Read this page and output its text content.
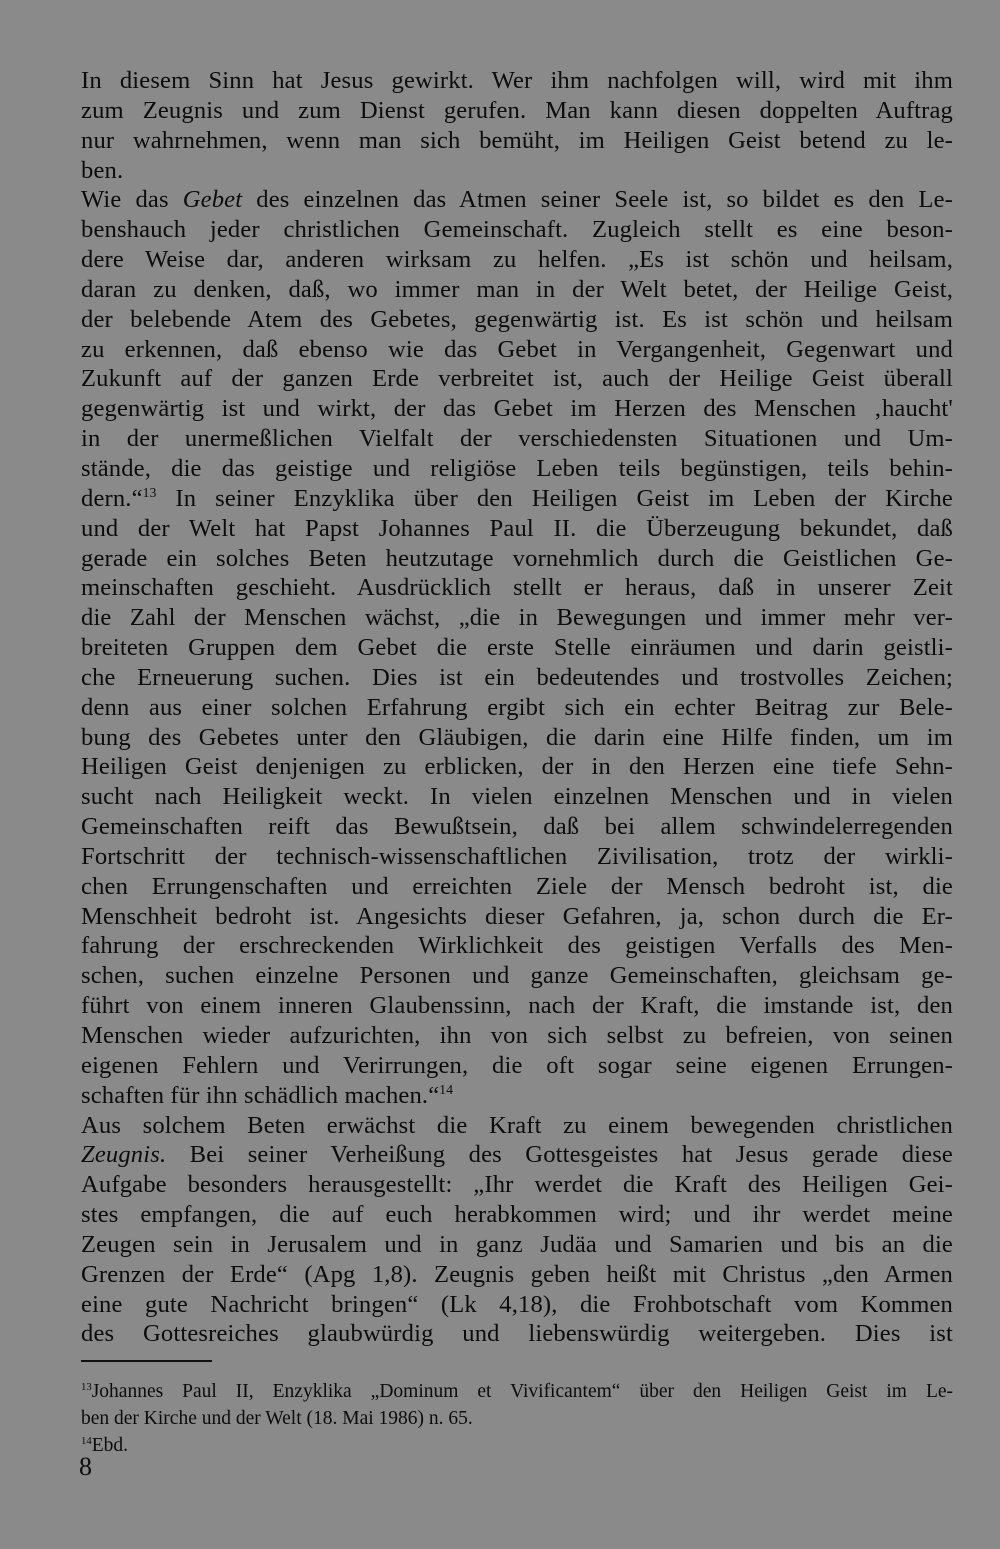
In diesem Sinn hat Jesus gewirkt. Wer ihm nachfolgen will, wird mit ihm
zum Zeugnis und zum Dienst gerufen. Man kann diesen doppelten Auftrag
nur wahrnehmen, wenn man sich bemüht, im Heiligen Geist betend zu le-
ben.
Wie das Gebet des einzelnen das Atmen seiner Seele ist, so bildet es den Le-
benshauch jeder christlichen Gemeinschaft. Zugleich stellt es eine beson-
dere Weise dar, anderen wirksam zu helfen. „Es ist schön und heilsam,
daran zu denken, daß, wo immer man in der Welt betet, der Heilige Geist,
der belebende Atem des Gebetes, gegenwärtig ist. Es ist schön und heilsam
zu erkennen, daß ebenso wie das Gebet in Vergangenheit, Gegenwart und
Zukunft auf der ganzen Erde verbreitet ist, auch der Heilige Geist überall
gegenwärtig ist und wirkt, der das Gebet im Herzen des Menschen ‚haucht'
in der unermeßlichen Vielfalt der verschiedensten Situationen und Um-
stände, die das geistige und religiöse Leben teils begünstigen, teils behin-
dern.“$^{13}$ In seiner Enzyklika über den Heiligen Geist im Leben der Kirche
und der Welt hat Papst Johannes Paul II. die Überzeugung bekundet, daß
gerade ein solches Beten heutzutage vornehmlich durch die Geistlichen Ge-
meinschaften geschieht. Ausdrücklich stellt er heraus, daß in unserer Zeit
die Zahl der Menschen wächst, „die in Bewegungen und immer mehr ver-
breiteten Gruppen dem Gebet die erste Stelle einräumen und darin geistli-
che Erneuerung suchen. Dies ist ein bedeutendes und trostvolles Zeichen;
denn aus einer solchen Erfahrung ergibt sich ein echter Beitrag zur Bele-
bung des Gebetes unter den Gläubigen, die darin eine Hilfe finden, um im
Heiligen Geist denjenigen zu erblicken, der in den Herzen eine tiefe Sehn-
sucht nach Heiligkeit weckt. In vielen einzelnen Menschen und in vielen
Gemeinschaften reift das Bewußtsein, daß bei allem schwindelerregenden
Fortschritt der technisch-wissenschaftlichen Zivilisation, trotz der wirkli-
chen Errungenschaften und erreichten Ziele der Mensch bedroht ist, die
Menschheit bedroht ist. Angesichts dieser Gefahren, ja, schon durch die Er-
fahrung der erschreckenden Wirklichkeit des geistigen Verfalls des Men-
schen, suchen einzelne Personen und ganze Gemeinschaften, gleichsam ge-
führt von einem inneren Glaubenssinn, nach der Kraft, die imstande ist, den
Menschen wieder aufzurichten, ihn von sich selbst zu befreien, von seinen
eigenen Fehlern und Verirrungen, die oft sogar seine eigenen Errungen-
schaften für ihn schädlich machen.“$^{14}$
Aus solchem Beten erwächst die Kraft zu einem bewegenden christlichen
Zeugnis. Bei seiner Verheißung des Gottesgeistes hat Jesus gerade diese
Aufgabe besonders herausgestellt: „Ihr werdet die Kraft des Heiligen Gei-
stes empfangen, die auf euch herabkommen wird; und ihr werdet meine
Zeugen sein in Jerusalem und in ganz Judäa und Samarien und bis an die
Grenzen der Erde“ (Apg 1,8). Zeugnis geben heißt mit Christus „den Armen
eine gute Nachricht bringen“ (Lk 4,18), die Frohbotschaft vom Kommen
des Gottesreiches glaubwürdig und liebenswürdig weitergeben. Dies ist
$^{13}$Johannes Paul II, Enzyklika „Dominum et Vivificantem“ über den Heiligen Geist im Le-
ben der Kirche und der Welt (18. Mai 1986) n. 65.
$^{14}$Ebd.
8
